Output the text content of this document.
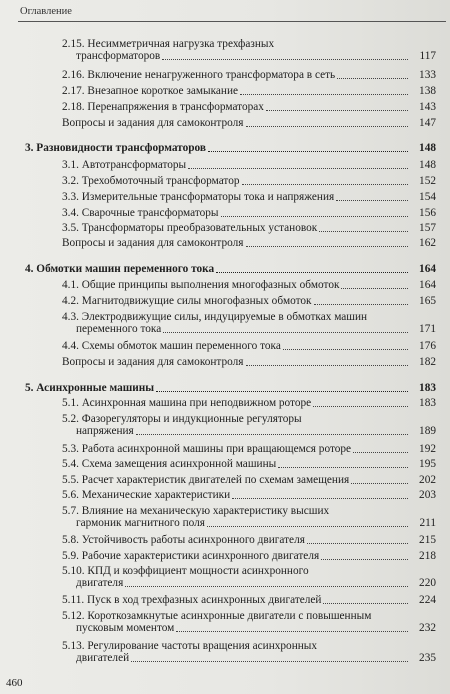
Оглавление
2.15. Несимметричная нагрузка трехфазных
трансформаторов	117
2.16. Включение ненагруженного трансформатора в сеть	133
2.17. Внезапное короткое замыкание	138
2.18. Перенапряжения в трансформаторах	143
Вопросы и задания для самоконтроля	147
3. Разновидности трансформаторов	148
3.1. Автотрансформаторы	148
3.2. Трехобмоточный трансформатор	152
3.3. Измерительные трансформаторы тока и напряжения	154
3.4. Сварочные трансформаторы	156
3.5. Трансформаторы преобразовательных установок	157
Вопросы и задания для самоконтроля	162
4. Обмотки машин переменного тока	164
4.1. Общие принципы выполнения многофазных обмоток	164
4.2. Магнитодвижущие силы многофазных обмоток	165
4.3. Электродвижущие силы, индуцируемые в обмотках машин
переменного тока	171
4.4. Схемы обмоток машин переменного тока	176
Вопросы и задания для самоконтроля	182
5. Асинхронные машины	183
5.1. Асинхронная машина при неподвижном роторе	183
5.2. Фазорегуляторы и индукционные регуляторы
напряжения	189
5.3. Работа асинхронной машины при вращающемся роторе	192
5.4. Схема замещения асинхронной машины	195
5.5. Расчет характеристик двигателей по схемам замещения	202
5.6. Механические характеристики	203
5.7. Влияние на механическую характеристику высших
гармоник магнитного поля	211
5.8. Устойчивость работы асинхронного двигателя	215
5.9. Рабочие характеристики асинхронного двигателя	218
5.10. КПД и коэффициент мощности асинхронного
двигателя	220
5.11. Пуск в ход трехфазных асинхронных двигателей	224
5.12. Короткозамкнутые асинхронные двигатели с повышенным
пусковым моментом	232
5.13. Регулирование частоты вращения асинхронных
двигателей	235
460
